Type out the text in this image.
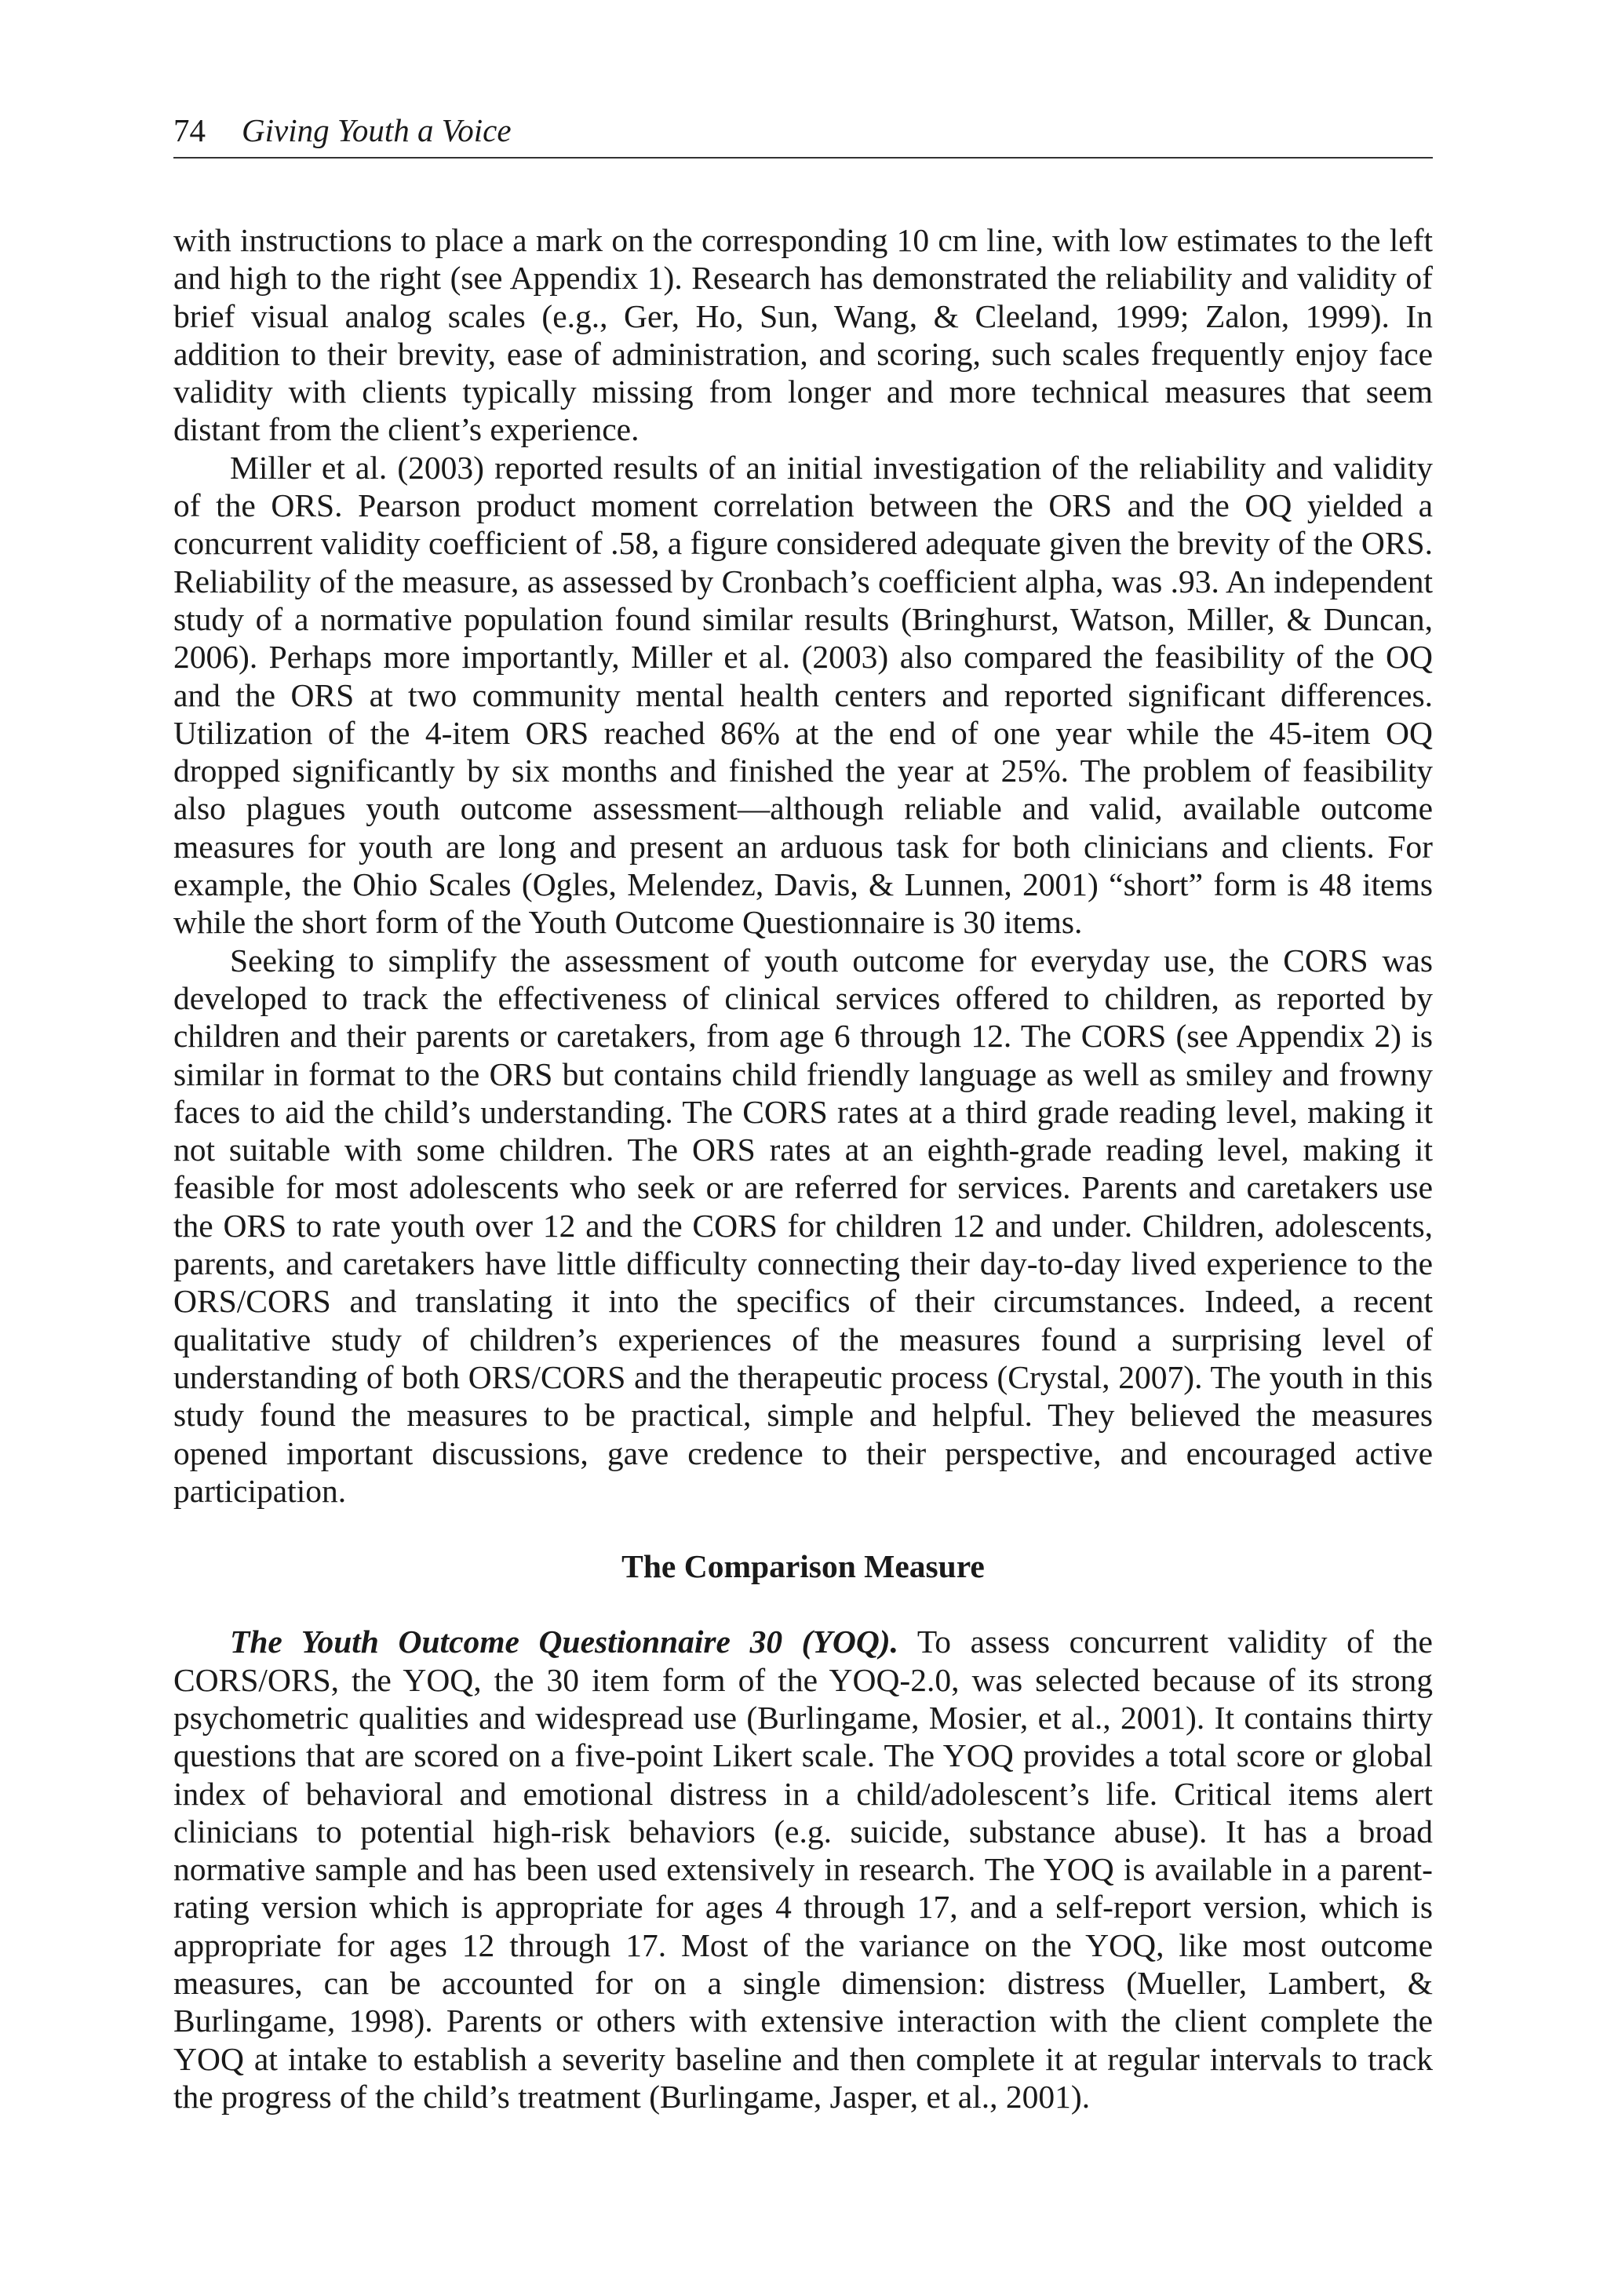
74 Giving Youth a Voice

with instructions to place a mark on the corresponding 10 cm line, with low estimates to the left and high to the right (see Appendix 1). Research has demonstrated the reliability and validity of brief visual analog scales (e.g., Ger, Ho, Sun, Wang, & Cleeland, 1999; Zalon, 1999). In addition to their brevity, ease of administration, and scoring, such scales frequently enjoy face validity with clients typically missing from longer and more technical measures that seem distant from the client’s experience.

Miller et al. (2003) reported results of an initial investigation of the reliability and validity of the ORS. Pearson product moment correlation between the ORS and the OQ yielded a concurrent validity coefficient of .58, a figure considered adequate given the brevity of the ORS. Reliability of the measure, as assessed by Cronbach’s coefficient alpha, was .93. An independent study of a normative population found similar results (Bringhurst, Watson, Miller, & Duncan, 2006). Perhaps more importantly, Miller et al. (2003) also compared the feasibility of the OQ and the ORS at two community mental health centers and reported significant differences. Utilization of the 4-item ORS reached 86% at the end of one year while the 45-item OQ dropped significantly by six months and finished the year at 25%. The problem of feasibility also plagues youth outcome assessment—although reliable and valid, available outcome measures for youth are long and present an arduous task for both clinicians and clients. For example, the Ohio Scales (Ogles, Melendez, Davis, & Lunnen, 2001) “short” form is 48 items while the short form of the Youth Outcome Questionnaire is 30 items.

Seeking to simplify the assessment of youth outcome for everyday use, the CORS was developed to track the effectiveness of clinical services offered to children, as reported by children and their parents or caretakers, from age 6 through 12. The CORS (see Appendix 2) is similar in format to the ORS but contains child friendly language as well as smiley and frowny faces to aid the child’s understanding. The CORS rates at a third grade reading level, making it not suitable with some children. The ORS rates at an eighth-grade reading level, making it feasible for most adolescents who seek or are referred for services. Parents and caretakers use the ORS to rate youth over 12 and the CORS for children 12 and under. Children, adolescents, parents, and caretakers have little difficulty connecting their day-to-day lived experience to the ORS/CORS and translating it into the specifics of their circumstances. Indeed, a recent qualitative study of children’s experiences of the measures found a surprising level of understanding of both ORS/CORS and the therapeutic process (Crystal, 2007). The youth in this study found the measures to be practical, simple and helpful. They believed the measures opened important discussions, gave credence to their perspective, and encouraged active participation.

The Comparison Measure

The Youth Outcome Questionnaire 30 (YOQ). To assess concurrent validity of the CORS/ORS, the YOQ, the 30 item form of the YOQ-2.0, was selected because of its strong psychometric qualities and widespread use (Burlingame, Mosier, et al., 2001). It contains thirty questions that are scored on a five-point Likert scale. The YOQ provides a total score or global index of behavioral and emotional distress in a child/adolescent’s life. Critical items alert clinicians to potential high-risk behaviors (e.g. suicide, substance abuse). It has a broad normative sample and has been used extensively in research. The YOQ is available in a parent-rating version which is appropriate for ages 4 through 17, and a self-report version, which is appropriate for ages 12 through 17. Most of the variance on the YOQ, like most outcome measures, can be accounted for on a single dimension: distress (Mueller, Lambert, & Burlingame, 1998). Parents or others with extensive interaction with the client complete the YOQ at intake to establish a severity baseline and then complete it at regular intervals to track the progress of the child’s treatment (Burlingame, Jasper, et al., 2001).
